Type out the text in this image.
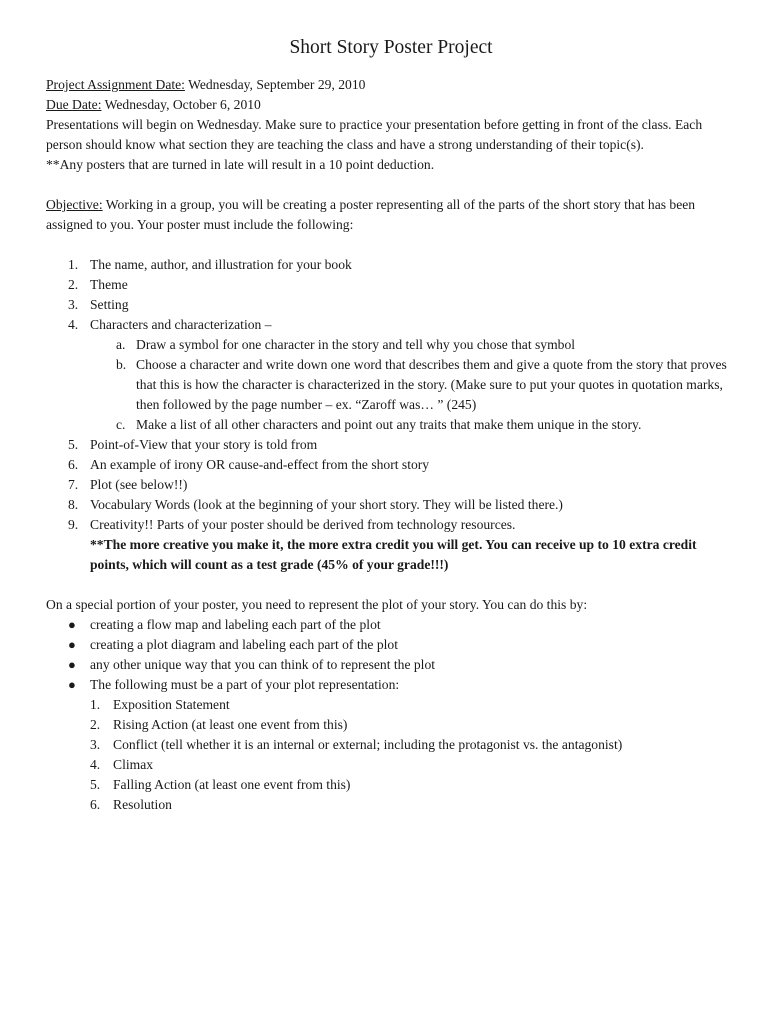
Short Story Poster Project

Project Assignment Date: Wednesday, September 29, 2010

Due Date: Wednesday, October 6, 2010

Presentations will begin on Wednesday. Make sure to practice your presentation before getting in front of the class. Each person should know what section they are teaching the class and have a strong understanding of their topic(s).

**Any posters that are turned in late will result in a 10 point deduction.

Objective: Working in a group, you will be creating a poster representing all of the parts of the short story that has been assigned to you. Your poster must include the following:

1. The name, author, and illustration for your book
2. Theme
3. Setting
4. Characters and characterization –
a. Draw a symbol for one character in the story and tell why you chose that symbol
b. Choose a character and write down one word that describes them and give a quote from the story that proves that this is how the character is characterized in the story. (Make sure to put your quotes in quotation marks, then followed by the page number – ex. “Zaroff was… ” (245)
c. Make a list of all other characters and point out any traits that make them unique in the story.
5. Point-of-View that your story is told from
6. An example of irony OR cause-and-effect from the short story
7. Plot (see below!!)
8. Vocabulary Words (look at the beginning of your short story. They will be listed there.)
9. Creativity!! Parts of your poster should be derived from technology resources.
**The more creative you make it, the more extra credit you will get. You can receive up to 10 extra credit points, which will count as a test grade (45% of your grade!!!)

On a special portion of your poster, you need to represent the plot of your story. You can do this by:

● creating a flow map and labeling each part of the plot
● creating a plot diagram and labeling each part of the plot
● any other unique way that you can think of to represent the plot
● The following must be a part of your plot representation:
1. Exposition Statement
2. Rising Action (at least one event from this)
3. Conflict (tell whether it is an internal or external; including the protagonist vs. the antagonist)
4. Climax
5. Falling Action (at least one event from this)
6. Resolution
